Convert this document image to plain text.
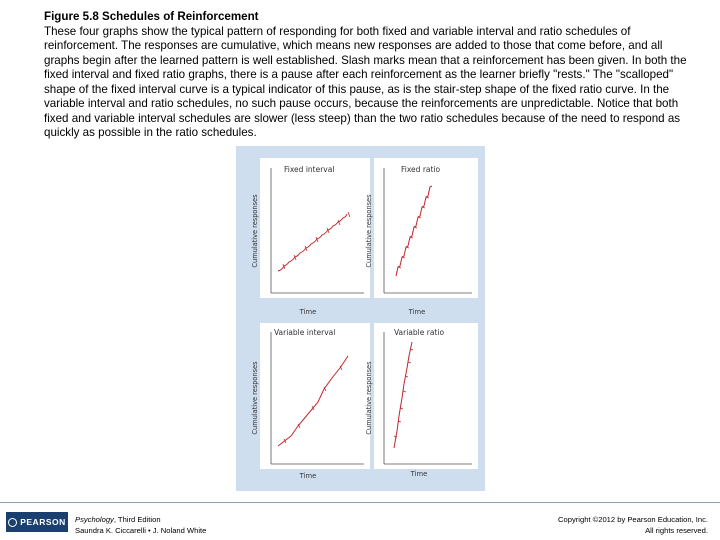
Figure 5.8 Schedules of Reinforcement
These four graphs show the typical pattern of responding for both fixed and variable interval and ratio schedules of reinforcement. The responses are cumulative, which means new responses are added to those that come before, and all graphs begin after the learned pattern is well established. Slash marks mean that a reinforcement has been given. In both the fixed interval and fixed ratio graphs, there is a pause after each reinforcement as the learner briefly "rests." The "scalloped" shape of the fixed interval curve is a typical indicator of this pause, as is the stair-step shape of the fixed ratio curve. In the variable interval and ratio schedules, no such pause occurs, because the reinforcements are unpredictable. Notice that both fixed and variable interval schedules are slower (less steep) than the two ratio schedules because of the need to respond as quickly as possible in the ratio schedules.
Fixed interval
Cumulative responses
Time
Fixed ratio
Cumulative responses
Time
Variable interval
Cumulative responses
Time
Variable ratio
Cumulative responses
Time
PEARSON Psychology, Third Edition
Saundra K. Ciccarelli • J. Noland White
Copyright ©2012 by Pearson Education, Inc.
All rights reserved.
